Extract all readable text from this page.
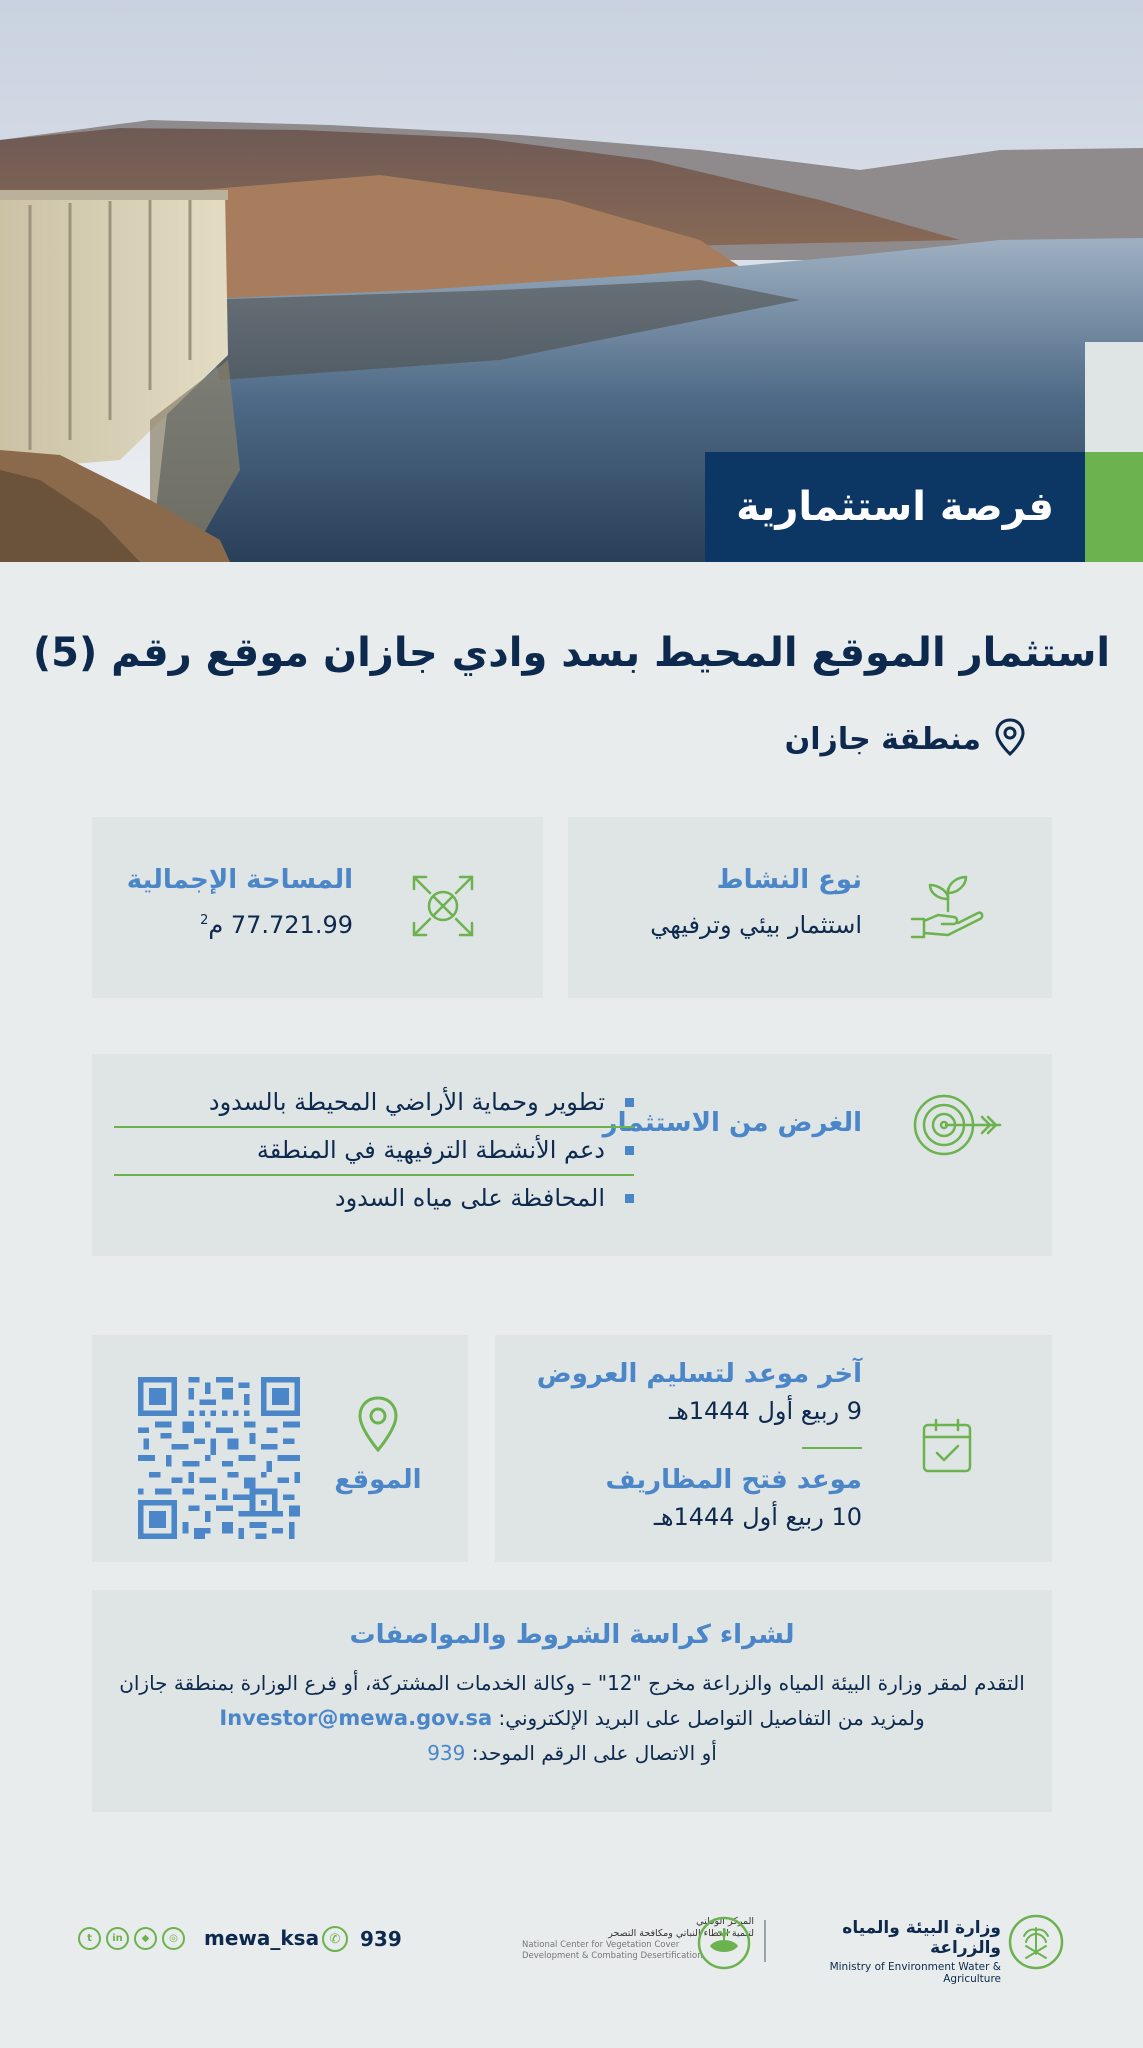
فرصة استثمارية
استثمار الموقع المحيط بسد وادي جازان موقع رقم (5)
منطقة جازان
نوع النشاط
استثمار بيئي وترفيهي
المساحة الإجمالية
77.721.99 م$^2$
الغرض من الاستثمار
تطوير وحماية الأراضي المحيطة بالسدود
دعم الأنشطة الترفيهية في المنطقة
المحافظة على مياه السدود
آخر موعد لتسليم العروض
9 ربيع أول 1444هـ
موعد فتح المظاريف
10 ربيع أول 1444هـ
الموقع
لشراء كراسة الشروط والمواصفات
التقدم لمقر وزارة البيئة المياه والزراعة مخرج "12" – وكالة الخدمات المشتركة، أو فرع الوزارة بمنطقة جازان
ولمزيد من التفاصيل التواصل على البريد الإلكتروني: Investor@mewa.gov.sa
أو الاتصال على الرقم الموحد: 939
t	in	◆	◎	mewa_ksa ✆ 939
المركز الوطني
لتنمية الغطاء النباتي ومكافحة التصحر
National Center for Vegetation Cover
Development & Combating Desertification
وزارة البيئة والمياه والزراعة
Ministry of Environment Water & Agriculture
